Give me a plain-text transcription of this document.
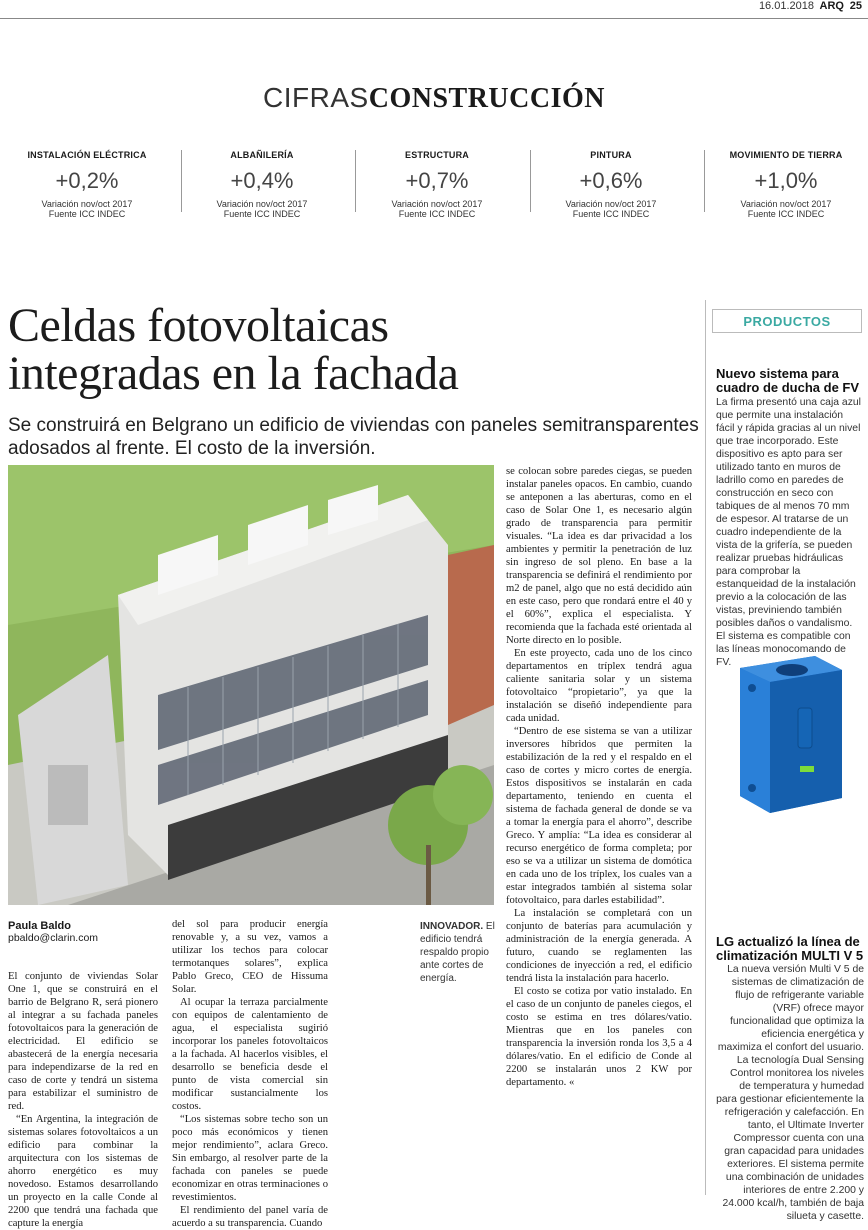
16.01.2018 ARQ 25
CIFRASCONSTRUCCIÓN
INSTALACIÓN ELÉCTRICA
+0,2%
Variación nov/oct 2017
Fuente ICC INDEC
ALBAÑILERÍA
+0,4%
Variación nov/oct 2017
Fuente ICC INDEC
ESTRUCTURA
+0,7%
Variación nov/oct 2017
Fuente ICC INDEC
PINTURA
+0,6%
Variación nov/oct 2017
Fuente ICC INDEC
MOVIMIENTO DE TIERRA
+1,0%
Variación nov/oct 2017
Fuente ICC INDEC
Celdas fotovoltaicas
integradas en la fachada
Se construirá en Belgrano un edificio de viviendas con paneles semitransparentes adosados al frente. El costo de la inversión.
Paula Baldo
pbaldo@clarin.com

El conjunto de viviendas Solar One 1, que se construirá en el barrio de Belgrano R, será pionero al integrar a su fachada paneles fotovoltaicos para la generación de electricidad. El edificio se abastecerá de la energía necesaria para independizarse de la red en caso de corte y tendrá un sistema para estabilizar el suministro de red.

“En Argentina, la integración de sistemas solares fotovoltaicos a un edificio para combinar la arquitectura con los sistemas de ahorro energético es muy novedoso. Estamos desarrollando un proyecto en la calle Conde al 2200 que tendrá una fachada que capture la energía

del sol para producir energía renovable y, a su vez, vamos a utilizar los techos para colocar termotanques solares”, explica Pablo Greco, CEO de Hissuma Solar.

Al ocupar la terraza parcialmente con equipos de calentamiento de agua, el especialista sugirió incorporar los paneles fotovoltaicos a la fachada. Al hacerlos visibles, el desarrollo se beneficia desde el punto de vista comercial sin modificar sustancialmente los costos.

“Los sistemas sobre techo son un poco más económicos y tienen mejor rendimiento”, aclara Greco. Sin embargo, al resolver parte de la fachada con paneles se puede economizar en otras terminaciones o revestimientos.

El rendimiento del panel varía de acuerdo a su transparencia. Cuando

INNOVADOR. El edificio tendrá respaldo propio ante cortes de energía.

se colocan sobre paredes ciegas, se pueden instalar paneles opacos. En cambio, cuando se anteponen a las aberturas, como en el caso de Solar One 1, es necesario algún grado de transparencia para permitir visuales. “La idea es dar privacidad a los ambientes y permitir la penetración de luz sin ingreso de sol pleno. En base a la transparencia se definirá el rendimiento por m2 de panel, algo que no está decidido aún en este caso, pero que rondará entre el 40 y el 60%”, explica el especialista. Y recomienda que la fachada esté orientada al Norte directo en lo posible.

En este proyecto, cada uno de los cinco departamentos en tríplex tendrá agua caliente sanitaria solar y un sistema fotovoltaico “propietario”, ya que la instalación se diseñó independiente para cada unidad.

“Dentro de ese sistema se van a utilizar inversores híbridos que permiten la estabilización de la red y el respaldo en el caso de cortes y micro cortes de energía. Estos dispositivos se instalarán en cada departamento, teniendo en cuenta el sistema de fachada general de donde se va a tomar la energía para el ahorro”, describe Greco. Y amplía: “La idea es considerar al recurso energético de forma completa; por eso se va a utilizar un sistema de domótica en cada uno de los tríplex, los cuales van a estar integrados también al sistema solar fotovoltaico, para darles estabilidad”.

La instalación se completará con un conjunto de baterías para acumulación y administración de la energía generada. A futuro, cuando se reglamenten las condiciones de inyección a red, el edificio tendrá lista la instalación para hacerlo.

El costo se cotiza por vatio instalado. En el caso de un conjunto de paneles ciegos, el costo se estima en tres dólares/vatio. Mientras que en los paneles con transparencia la inversión ronda los 3,5 a 4 dólares/vatio. En el edificio de Conde al 2200 se instalarán unos 2 KW por departamento. «

PRODUCTOS
Nuevo sistema para
cuadro de ducha de FV
La firma presentó una caja azul que permite una instalación fácil y rápida gracias al un nivel que trae incorporado. Este dispositivo es apto para ser utilizado tanto en muros de ladrillo como en paredes de construcción en seco con tabiques de al menos 70 mm de espesor. Al tratarse de un cuadro independiente de la vista de la grifería, se pueden realizar pruebas hidráulicas para comprobar la estanqueidad de la instalación previo a la colocación de las vistas, previniendo también posibles daños o vandalismo. El sistema es compatible con las líneas monocomando de FV.
LG actualizó la línea de
climatización MULTI V 5
La nueva versión Multi V 5 de sistemas de climatización de flujo de refrigerante variable (VRF) ofrece mayor funcionalidad que optimiza la eficiencia energética y maximiza el confort del usuario. La tecnología Dual Sensing Control monitorea los niveles de temperatura y humedad para gestionar eficientemente la refrigeración y calefacción. En tanto, el Ultimate Inverter Compressor cuenta con una gran capacidad para unidades exteriores. El sistema permite una combinación de unidades interiores de entre 2.200 y 24.000 kcal/h, también de baja silueta y casette.
